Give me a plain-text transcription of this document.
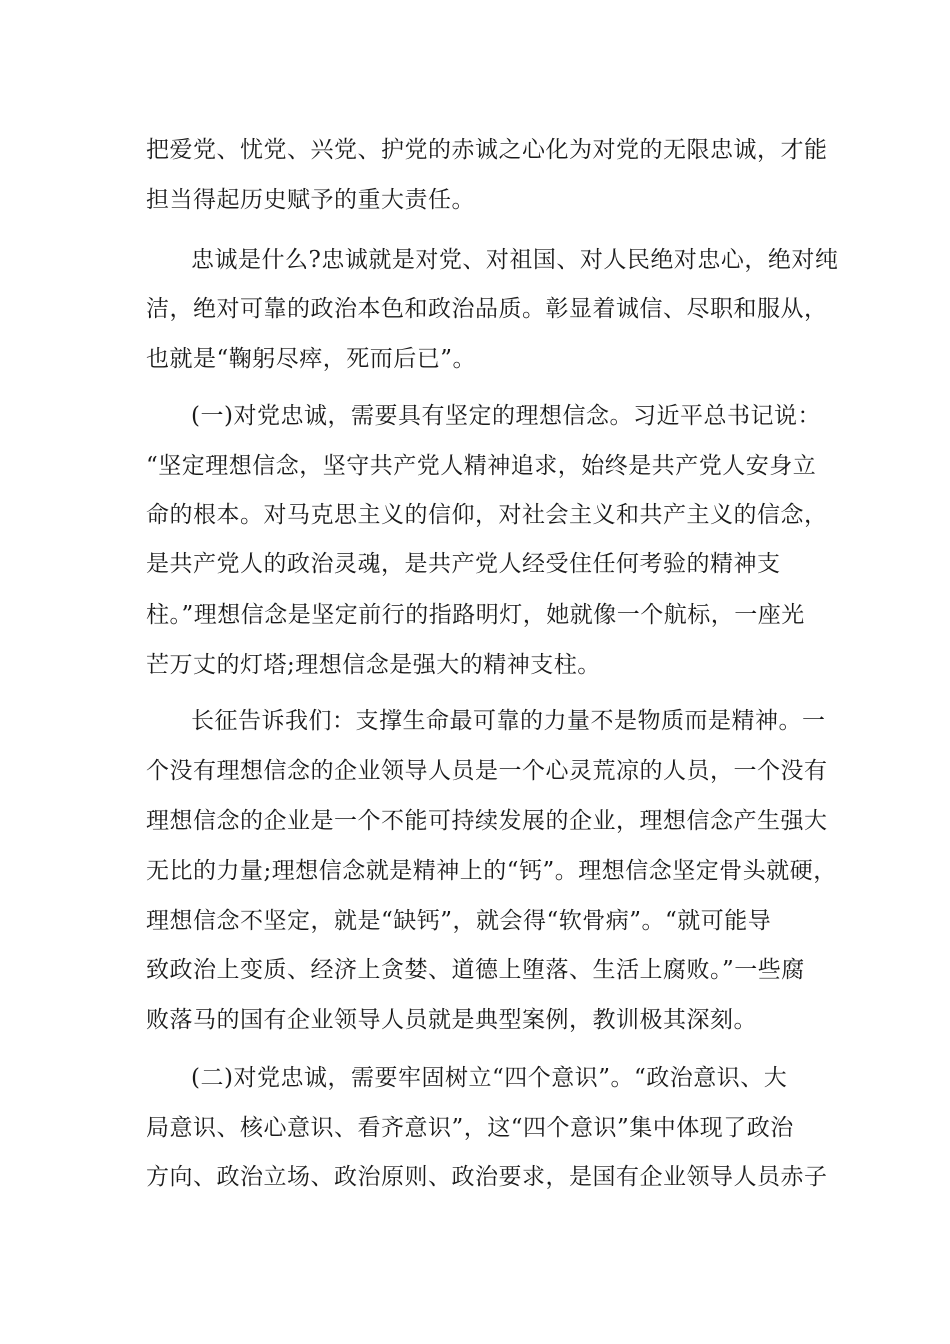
把爱党、忧党、兴党、护党的赤诚之心化为对党的无限忠诚，才能
担当得起历史赋予的重大责任。
忠诚是什么?忠诚就是对党、对祖国、对人民绝对忠心，绝对纯
洁，绝对可靠的政治本色和政治品质。彰显着诚信、尽职和服从，
也就是“鞠躬尽瘁，死而后已”。
(一)对党忠诚，需要具有坚定的理想信念。习近平总书记说：
“坚定理想信念，坚守共产党人精神追求，始终是共产党人安身立
命的根本。对马克思主义的信仰，对社会主义和共产主义的信念，
是共产党人的政治灵魂，是共产党人经受住任何考验的精神支
柱。”理想信念是坚定前行的指路明灯，她就像一个航标，一座光
芒万丈的灯塔;理想信念是强大的精神支柱。
长征告诉我们：支撑生命最可靠的力量不是物质而是精神。一
个没有理想信念的企业领导人员是一个心灵荒凉的人员，一个没有
理想信念的企业是一个不能可持续发展的企业，理想信念产生强大
无比的力量;理想信念就是精神上的“钙”。理想信念坚定骨头就硬，
理想信念不坚定，就是“缺钙”，就会得“软骨病”。“就可能导
致政治上变质、经济上贪婪、道德上堕落、生活上腐败。”一些腐
败落马的国有企业领导人员就是典型案例，教训极其深刻。
(二)对党忠诚，需要牢固树立“四个意识”。“政治意识、大
局意识、核心意识、看齐意识”，这“四个意识”集中体现了政治
方向、政治立场、政治原则、政治要求，是国有企业领导人员赤子
